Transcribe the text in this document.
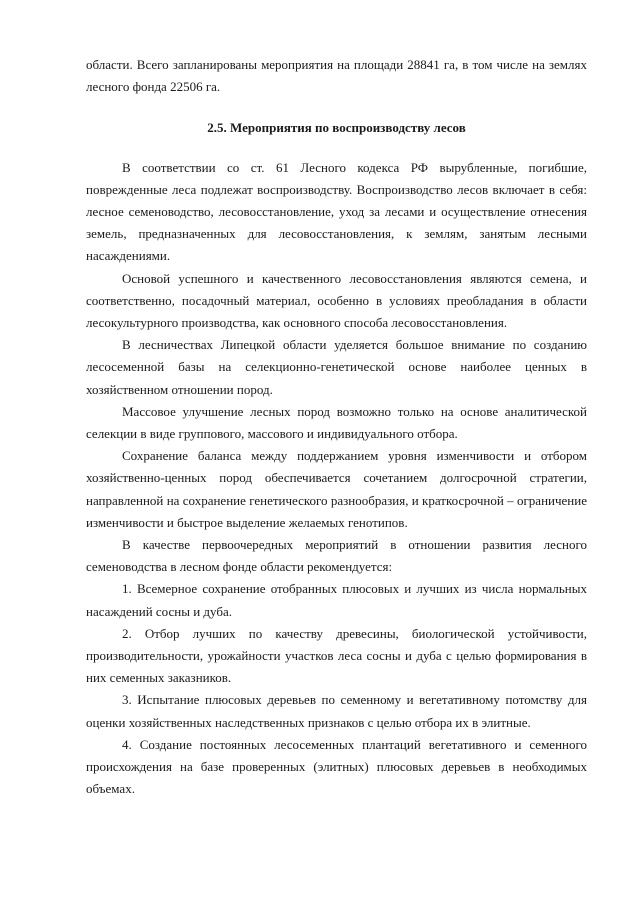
области. Всего запланированы мероприятия на площади 28841 га, в том числе на землях лесного фонда 22506 га.

2.5. Мероприятия по воспроизводству лесов

В соответствии со ст. 61 Лесного кодекса РФ вырубленные, погибшие, поврежденные леса подлежат воспроизводству. Воспроизводство лесов включает в себя: лесное семеноводство, лесовосстановление, уход за лесами и осуществление отнесения земель, предназначенных для лесовосстановления, к землям, занятым лесными насаждениями.

Основой успешного и качественного лесовосстановления являются семена, и соответственно, посадочный материал, особенно в условиях преобладания в области лесокультурного производства, как основного способа лесовосстановления.

В лесничествах Липецкой области уделяется большое внимание по созданию лесосеменной базы на селекционно-генетической основе наиболее ценных в хозяйственном отношении пород.

Массовое улучшение лесных пород возможно только на основе аналитической селекции в виде группового, массового и индивидуального отбора.

Сохранение баланса между поддержанием уровня изменчивости и отбором хозяйственно-ценных пород обеспечивается сочетанием долгосрочной стратегии, направленной на сохранение генетического разнообразия, и краткосрочной – ограничение изменчивости и быстрое выделение желаемых генотипов.

В качестве первоочередных мероприятий в отношении развития лесного семеноводства в лесном фонде области рекомендуется:

1. Всемерное сохранение отобранных плюсовых и лучших из числа нормальных насаждений сосны и дуба.

2. Отбор лучших по качеству древесины, биологической устойчивости, производительности, урожайности участков леса сосны и дуба с целью формирования в них семенных заказников.

3. Испытание плюсовых деревьев по семенному и вегетативному потомству для оценки хозяйственных наследственных признаков с целью отбора их в элитные.

4. Создание постоянных лесосеменных плантаций вегетативного и семенного происхождения на базе проверенных (элитных) плюсовых деревьев в необходимых объемах.
